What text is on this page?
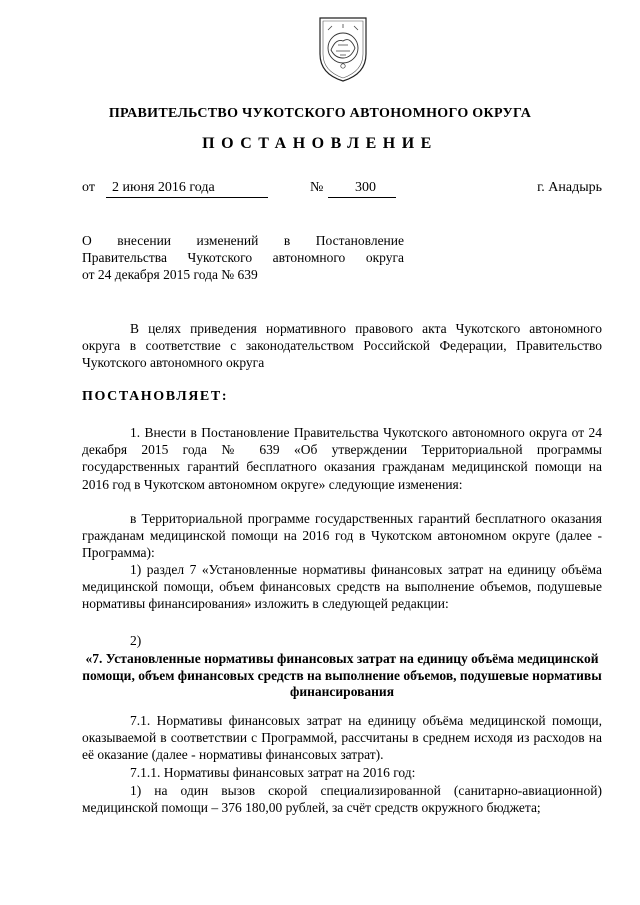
ПРАВИТЕЛЬСТВО ЧУКОТСКОГО АВТОНОМНОГО ОКРУГА
ПОСТАНОВЛЕНИЕ
от 2 июня 2016 года	№ 300	г. Анадырь
О внесении изменений в Постановление
Правительства Чукотского автономного округа
от 24 декабря 2015 года № 639
В целях приведения нормативного правового акта Чукотского автономного округа в соответствие с законодательством Российской Федерации, Правительство Чукотского автономного округа
ПОСТАНОВЛЯЕТ:
1. Внести в Постановление Правительства Чукотского автономного округа от 24 декабря 2015 года № 639 «Об утверждении Территориальной программы государственных гарантий бесплатного оказания гражданам медицинской помощи на 2016 год в Чукотском автономном округе» следующие изменения:
в Территориальной программе государственных гарантий бесплатного оказания гражданам медицинской помощи на 2016 год в Чукотском автономном округе (далее - Программа):
1) раздел 7 «Установленные нормативы финансовых затрат на единицу объёма медицинской помощи, объем финансовых средств на выполнение объемов, подушевые нормативы финансирования» изложить в следующей редакции:
2)
«7. Установленные нормативы финансовых затрат на единицу объёма медицинской помощи, объем финансовых средств на выполнение объемов, подушевые нормативы финансирования
7.1. Нормативы финансовых затрат на единицу объёма медицинской помощи, оказываемой в соответствии с Программой, рассчитаны в среднем исходя из расходов на её оказание (далее - нормативы финансовых затрат).
7.1.1. Нормативы финансовых затрат на 2016 год:
1) на один вызов скорой специализированной (санитарно-авиационной) медицинской помощи – 376 180,00 рублей, за счёт средств окружного бюджета;
